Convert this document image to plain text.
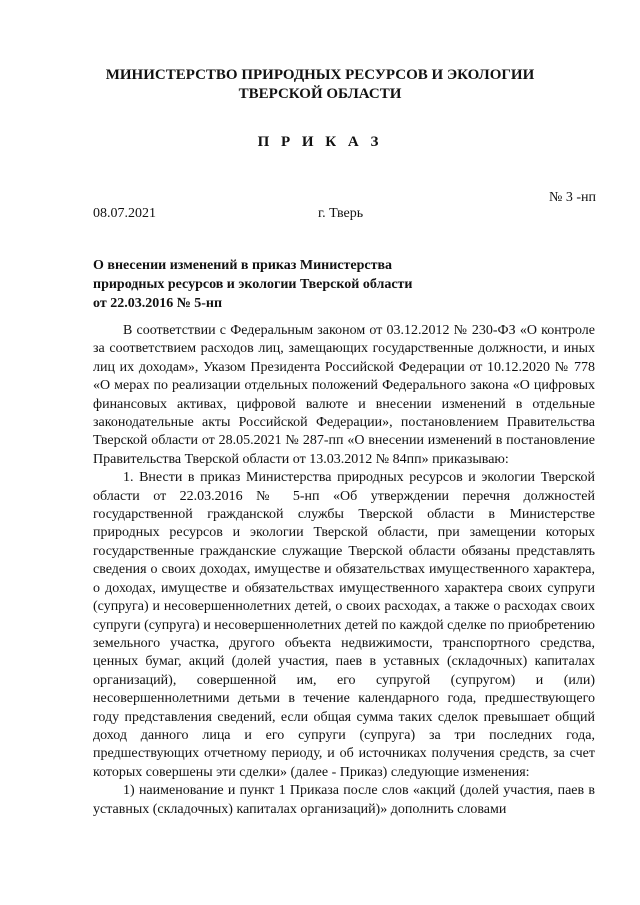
МИНИСТЕРСТВО ПРИРОДНЫХ РЕСУРСОВ И ЭКОЛОГИИ
ТВЕРСКОЙ ОБЛАСТИ
П Р И К А З
№ 3 -нп
08.07.2021	г. Тверь
О внесении изменений в приказ Министерства
природных ресурсов и экологии Тверской области
от 22.03.2016 № 5-нп

В соответствии с Федеральным законом от 03.12.2012 № 230-ФЗ «О контроле за соответствием расходов лиц, замещающих государственные должности, и иных лиц их доходам», Указом Президента Российской Федерации от 10.12.2020 № 778 «О мерах по реализации отдельных положений Федерального закона «О цифровых финансовых активах, цифровой валюте и внесении изменений в отдельные законодательные акты Российской Федерации», постановлением Правительства Тверской области от 28.05.2021 № 287-пп «О внесении изменений в постановление Правительства Тверской области от 13.03.2012 № 84пп» приказываю:

1. Внести в приказ Министерства природных ресурсов и экологии Тверской области от 22.03.2016 № 5-нп «Об утверждении перечня должностей государственной гражданской службы Тверской области в Министерстве природных ресурсов и экологии Тверской области, при замещении которых государственные гражданские служащие Тверской области обязаны представлять сведения о своих доходах, имуществе и обязательствах имущественного характера, о доходах, имуществе и обязательствах имущественного характера своих супруги (супруга) и несовершеннолетних детей, о своих расходах, а также о расходах своих супруги (супруга) и несовершеннолетних детей по каждой сделке по приобретению земельного участка, другого объекта недвижимости, транспортного средства, ценных бумаг, акций (долей участия, паев в уставных (складочных) капиталах организаций), совершенной им, его супругой (супругом) и (или) несовершеннолетними детьми в течение календарного года, предшествующего году представления сведений, если общая сумма таких сделок превышает общий доход данного лица и его супруги (супруга) за три последних года, предшествующих отчетному периоду, и об источниках получения средств, за счет которых совершены эти сделки» (далее - Приказ) следующие изменения:

1) наименование и пункт 1 Приказа после слов «акций (долей участия, паев в уставных (складочных) капиталах организаций)» дополнить словами
